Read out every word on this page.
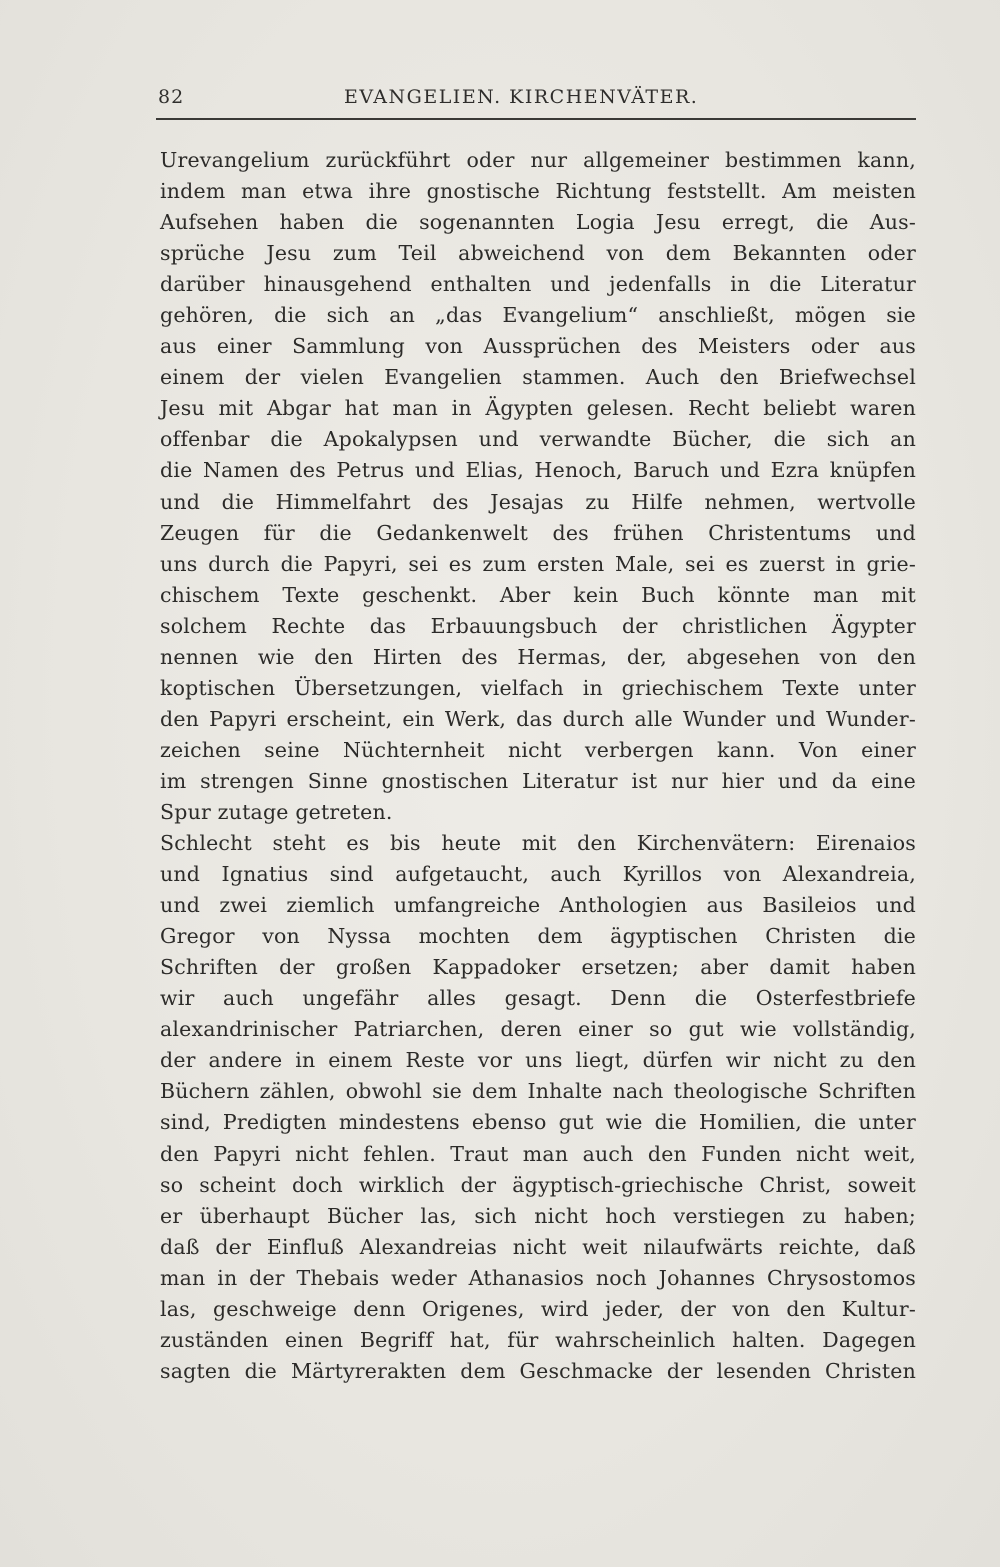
82	EVANGELIEN. KIRCHENVÄTER.
Urevangelium zurückführt oder nur allgemeiner bestimmen kann,
indem man etwa ihre gnostische Richtung feststellt. Am meisten
Aufsehen haben die sogenannten Logia Jesu erregt, die Aus-
sprüche Jesu zum Teil abweichend von dem Bekannten oder
darüber hinausgehend enthalten und jedenfalls in die Literatur
gehören, die sich an „das Evangelium“ anschließt, mögen sie
aus einer Sammlung von Aussprüchen des Meisters oder aus
einem der vielen Evangelien stammen. Auch den Briefwechsel
Jesu mit Abgar hat man in Ägypten gelesen. Recht beliebt waren
offenbar die Apokalypsen und verwandte Bücher, die sich an
die Namen des Petrus und Elias, Henoch, Baruch und Ezra knüpfen
und die Himmelfahrt des Jesajas zu Hilfe nehmen, wertvolle
Zeugen für die Gedankenwelt des frühen Christentums und
uns durch die Papyri, sei es zum ersten Male, sei es zuerst in grie-
chischem Texte geschenkt. Aber kein Buch könnte man mit
solchem Rechte das Erbauungsbuch der christlichen Ägypter
nennen wie den Hirten des Hermas, der, abgesehen von den
koptischen Übersetzungen, vielfach in griechischem Texte unter
den Papyri erscheint, ein Werk, das durch alle Wunder und Wunder-
zeichen seine Nüchternheit nicht verbergen kann. Von einer
im strengen Sinne gnostischen Literatur ist nur hier und da eine
Spur zutage getreten.
Schlecht steht es bis heute mit den Kirchenvätern: Eirenaios
und Ignatius sind aufgetaucht, auch Kyrillos von Alexandreia,
und zwei ziemlich umfangreiche Anthologien aus Basileios und
Gregor von Nyssa mochten dem ägyptischen Christen die
Schriften der großen Kappadoker ersetzen; aber damit haben
wir auch ungefähr alles gesagt. Denn die Osterfestbriefe
alexandrinischer Patriarchen, deren einer so gut wie vollständig,
der andere in einem Reste vor uns liegt, dürfen wir nicht zu den
Büchern zählen, obwohl sie dem Inhalte nach theologische Schriften
sind, Predigten mindestens ebenso gut wie die Homilien, die unter
den Papyri nicht fehlen. Traut man auch den Funden nicht weit,
so scheint doch wirklich der ägyptisch-griechische Christ, soweit
er überhaupt Bücher las, sich nicht hoch verstiegen zu haben;
daß der Einfluß Alexandreias nicht weit nilaufwärts reichte, daß
man in der Thebais weder Athanasios noch Johannes Chrysostomos
las, geschweige denn Origenes, wird jeder, der von den Kultur-
zuständen einen Begriff hat, für wahrscheinlich halten. Dagegen
sagten die Märtyrerakten dem Geschmacke der lesenden Christen
